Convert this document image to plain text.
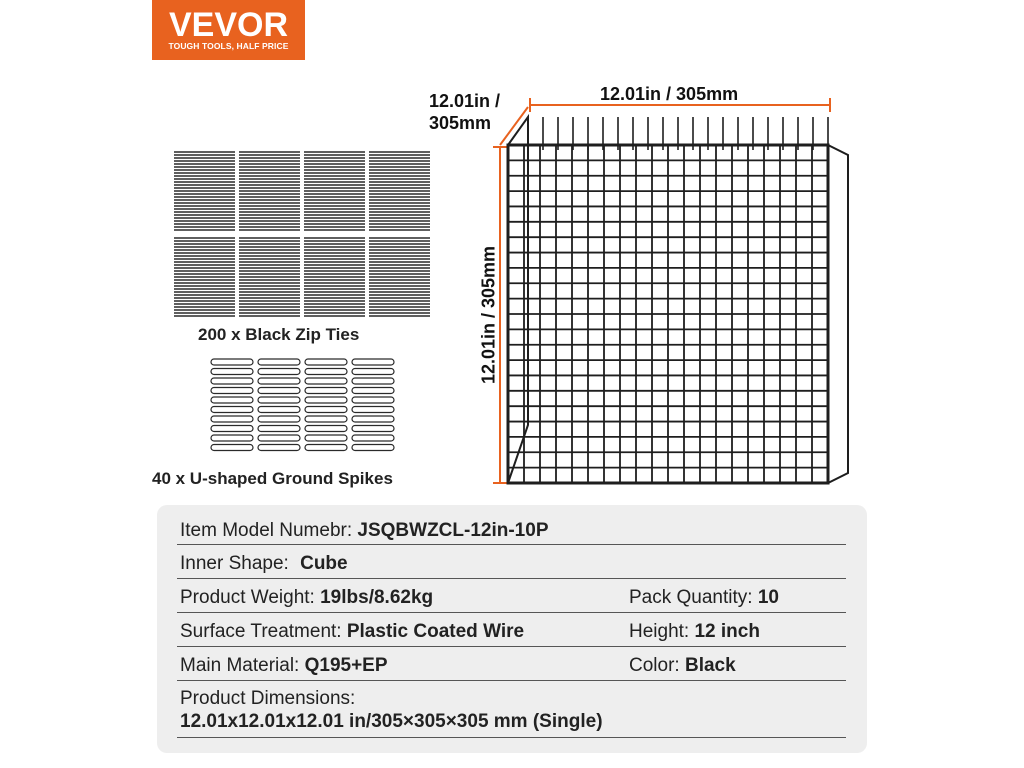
VEVOR
TOUGH TOOLS, HALF PRICE
200 x Black Zip Ties
40 x U-shaped Ground Spikes
12.01in / 305mm
12.01in /
305mm
12.01in / 305mm
Item Model Numebr: JSQBWZCL-12in-10P
Inner Shape: Cube
Product Weight: 19lbs/8.62kg	Pack Quantity: 10
Surface Treatment: Plastic Coated Wire	Height: 12 inch
Main Material: Q195+EP	Color: Black
Product Dimensions:
12.01x12.01x12.01 in/305×305×305 mm (Single)
